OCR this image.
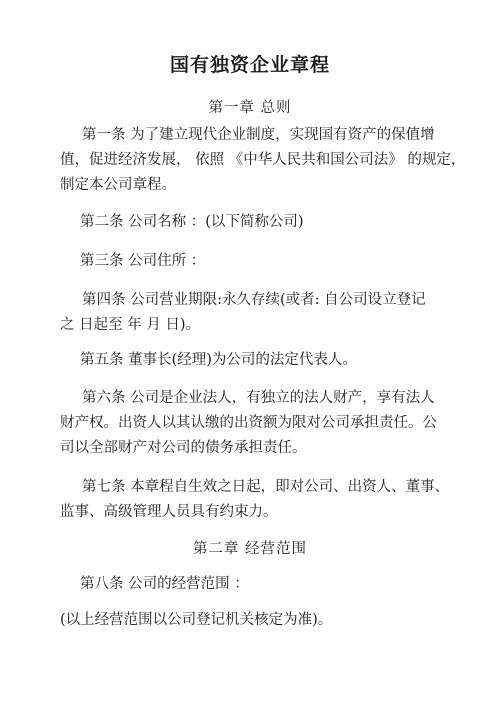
国有独资企业章程
第一章 总则
第一条 为了建立现代企业制度，实现国有资产的保值增
值，促进经济发展， 依照 《中华人民共和国公司法》 的规定，
制定本公司章程。
第二条 公司名称 ：(以下简称公司)
第三条 公司住所 ：
第四条 公司营业期限:永久存续(或者: 自公司设立登记
之 日起至 年 月 日)。
第五条 董事长(经理)为公司的法定代表人。
第六条 公司是企业法人，有独立的法人财产，享有法人
财产权。出资人以其认缴的出资额为限对公司承担责任。公
司以全部财产对公司的债务承担责任。
第七条 本章程自生效之日起，即对公司、出资人、董事、
监事、高级管理人员具有约束力。
第二章 经营范围
第八条 公司的经营范围 ：
(以上经营范围以公司登记机关核定为准)。
